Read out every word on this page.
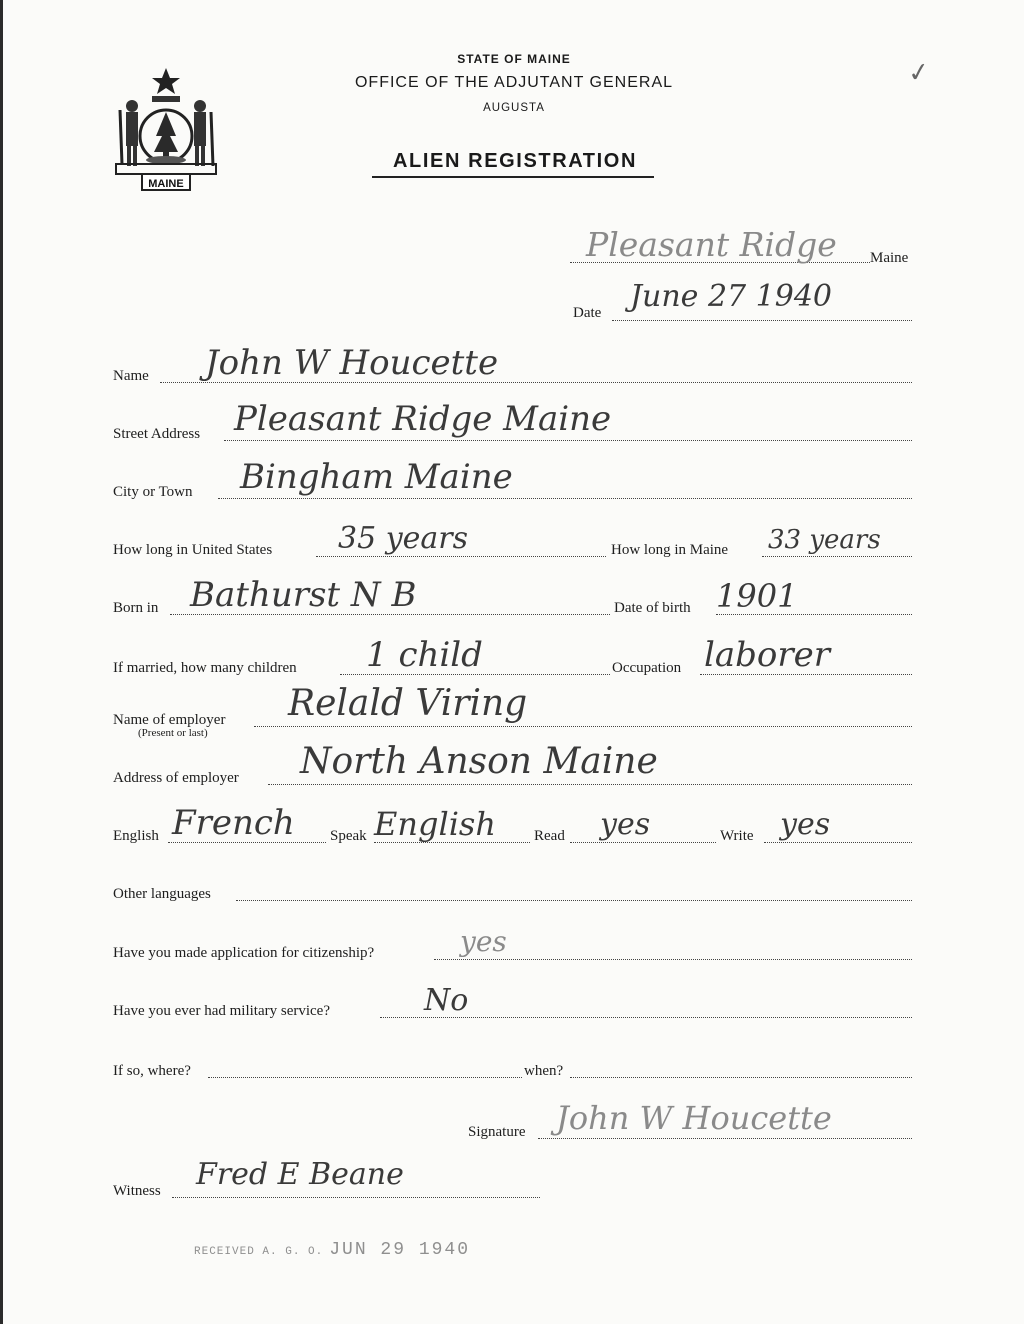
MAINE
STATE OF MAINE
OFFICE OF THE ADJUTANT GENERAL
AUGUSTA
ALIEN REGISTRATION
✓
Pleasant Ridge Maine
Date June 27 1940
Name John W Houcette
Street Address Pleasant Ridge Maine
City or Town Bingham Maine
How long in United States 35 years	How long in Maine 33 years
Born in Bathurst N B	Date of birth 1901
If married, how many children 1 child	Occupation laborer
Name of employer
(Present or last)
Relald Viring
Address of employer North Anson Maine
English French Speak English	Read yes	Write yes
Other languages
Have you made application for citizenship?	yes
Have you ever had military service?	No
If so, where?	when?
Signature John W Houcette
Witness Fred E Beane
RECEIVED A. G. O. JUN 29 1940
